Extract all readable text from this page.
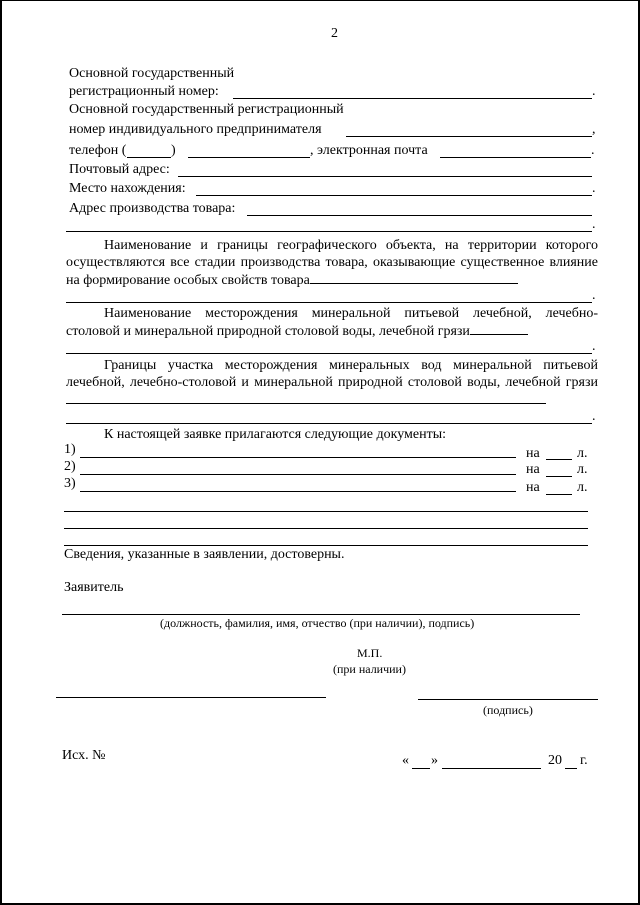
2
Основной государственный
регистрационный номер:	.
Основной государственный регистрационный
номер индивидуального предпринимателя	,
телефон (	)	, электронная почта	.
Почтовый адрес:
Место нахождения:	.
Адрес производства товара:
.
Наименование и границы географического объекта, на территории которого осуществляются все стадии производства товара, оказывающие существенное влияние на формирование особых свойств товара
.
Наименование месторождения минеральной питьевой лечебной, лечебно-столовой и минеральной природной столовой воды, лечебной грязи
.
Границы участка месторождения минеральных вод минеральной питьевой лечебной, лечебно-столовой и минеральной природной столовой воды, лечебной грязи
.
К настоящей заявке прилагаются следующие документы:
1)	на	л.
2)	на	л.
3)	на	л.
Сведения, указанные в заявлении, достоверны.
Заявитель
(должность, фамилия, имя, отчество (при наличии), подпись)
М.П.
(при наличии)
(подпись)
Исх. №	« »	20 г.
